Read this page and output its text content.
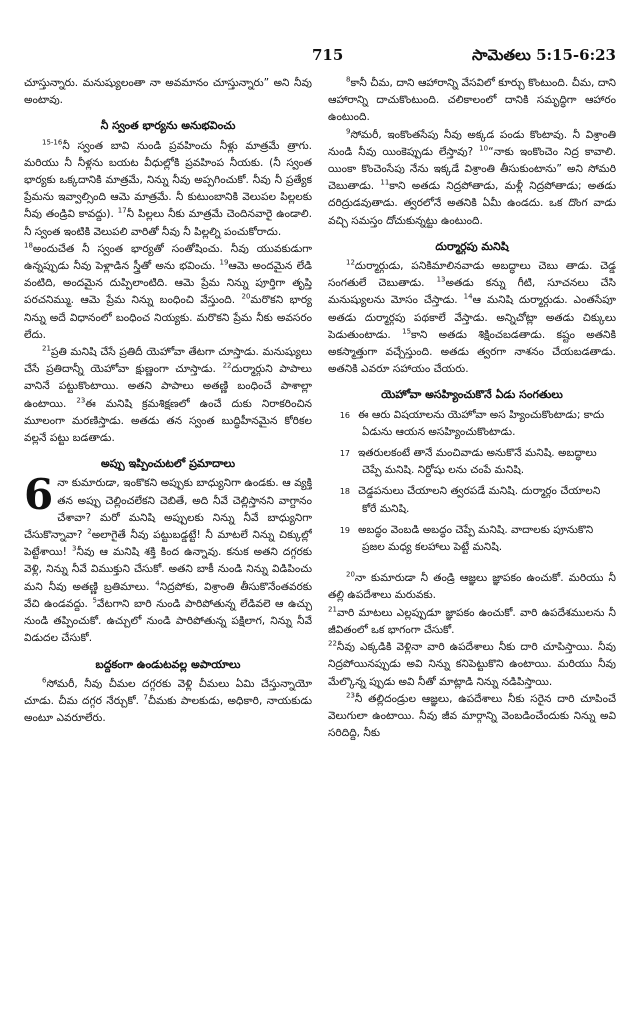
715	సామెతలు 5:15-6:23

చూస్తున్నారు. మనుష్యులంతా నా అవమానం చూస్తున్నారు” అని నీవు అంటావు.

నీ స్వంత భార్యను అనుభవించు

$^{15-16}$నీ స్వంత బావి నుండి ప్రవహించు నీళ్లు మాత్రమే త్రాగు. మరియు నీ నీళ్లను బయట వీధుల్లోకి ప్రవహింప నీయకు. (నీ స్వంత భార్యకు ఒక్కదానికి మాత్రమే, నిన్ను నీవు అప్పగించుకో. నీవు నీ ప్రత్యేక ప్రేమను ఇవ్వాల్సింది ఆమె మాత్రమే. నీ కుటుంబానికి వెలుపల పిల్లలకు నీవు తండ్రివి కావద్దు). $^{17}$నీ పిల్లలు నీకు మాత్రమే చెందినవారై ఉండాలి. నీ స్వంత ఇంటికి వెలుపలి వారితో నీవు నీ పిల్లల్ని పంచుకోరాదు.

$^{18}$అందుచేత నీ స్వంత భార్యతో సంతోషించు. నీవు యువకుడుగా ఉన్నప్పుడు నీవు పెళ్లాడిన స్త్రీతో అను భవించు. $^{19}$ఆమె అందమైన లేడి వంటిది, అందమైన దుప్పిలాంటిది. ఆమె ప్రేమ నిన్ను పూర్తిగా తృప్తి పరచనిమ్ము. ఆమె ప్రేమ నిన్ను బంధించి వేస్తుంది. $^{20}$మరొకని భార్య నిన్ను అదే విధానంలో బంధించ నియ్యకు. మరొకని ప్రేమ నీకు అవసరం లేదు.

$^{21}$ప్రతి మనిషి చేసే ప్రతిదీ యెహోవా తేటగా చూస్తాడు. మనుష్యులు చేసే ప్రతిదాన్నీ యెహోవా క్షుణ్ణంగా చూస్తాడు. $^{22}$దుర్మార్గుని పాపాలు వానినే పట్టుకొంటాయి. అతని పాపాలు అతణ్ణి బంధించే పాశాల్లా ఉంటాయి. $^{23}$ఈ మనిషి క్రమశిక్షణలో ఉంచే దుకు నిరాకరించిన మూలంగా మరణిస్తాడు. అతడు తన స్వంత బుద్ధిహీనమైన కోరికల వల్లనే పట్టు బడతాడు.

అప్పు ఇప్పించుటలో ప్రమాదాలు

6 నా కుమారుడా, ఇంకొకని అప్పుకు బాధ్యునిగా ఉండకు. ఆ వ్యక్తి తన అప్పు చెల్లించలేకని చెబితే, అది నీవే చెల్లిస్తానని వాగ్దానం చేశావా? మరో మనిషి అప్పులకు నిన్ను నీవే బాధ్యునిగా చేసుకొన్నావా? $^2$అలాగైతే నీవు పట్టుబడ్డట్టే! నీ మాటలే నిన్ను చిక్కుల్లో పెట్టేశాయి! $^3$నీవు ఆ మనిషి శక్తి కింద ఉన్నావు. కనుక అతని దగ్గరకు వెళ్లి, నిన్ను నీవే విముక్తుని చేసుకో. అతని బాకీ నుండి నిన్ను విడిపించు మని నీవు అతణ్ణి బ్రతిమాలు. $^4$నిద్రపోకు, విశ్రాంతి తీసుకొనేంతవరకు వేచి ఉండవద్దు. $^5$వేటగాని బారి నుండి పారిపోతున్న లేడివలె ఆ ఉచ్చు నుండి తప్పించుకో. ఉచ్చులో నుండి పారిపోతున్న పక్షిలాగ, నిన్ను నీవే విడుదల చేసుకో.

బద్దకంగా ఉండుటవల్ల అపాయాలు

$^6$సోమరీ, నీవు చీమల దగ్గరకు వెళ్లి చీమలు ఏమి చేస్తున్నాయో చూడు. చీమ దగ్గర నేర్చుకో. $^7$చీమకు పాలకుడు, అధికారి, నాయకుడు అంటూ ఎవరూలేరు.

$^8$కానీ చీమ, దాని ఆహారాన్ని వేసవిలో కూర్చు కొంటుంది. చీమ, దాని ఆహారాన్ని దాచుకొంటుంది. చలికాలంలో దానికి సమృద్ధిగా ఆహారం ఉంటుంది.

$^9$సోమరీ, ఇంకొంతసేపు నీవు అక్కడ పండు కొంటావు. నీ విశ్రాంతి నుండి నీవు యింకెప్పుడు లేస్తావు? $^{10}$“నాకు ఇంకొంచెం నిద్ర కావాలి. యింకా కొంచెంసేపు నేను ఇక్కడే విశ్రాంతి తీసుకుంటాను” అని సోమరి చెబుతాడు. $^{11}$కాని అతడు నిద్రపోతాడు, మళ్లీ నిద్రపోతాడు; అతడు దరిద్రుడవుతాడు. త్వరలోనే అతనికి ఏమీ ఉండదు. ఒక దొంగ వాడు వచ్చి సమస్తం దోచుకున్నట్టు ఉంటుంది.

దుర్మార్గపు మనిషి

$^{12}$దుర్మార్గుడు, పనికిమాలినవాడు అబద్ధాలు చెబు తాడు. చెడ్డ సంగతులే చెబుతాడు. $^{13}$అతడు కన్ను గీటి, సూచనలు చేసి మనుష్యులను మోసం చేస్తాడు. $^{14}$ఆ మనిషి దుర్మార్గుడు. ఎంతసేపూ అతడు దుర్మార్గపు పథకాలే వేస్తాడు. అన్నిచోట్లా అతడు చిక్కులు పెడుతుంటాడు. $^{15}$కాని అతడు శిక్షించబడతాడు. కష్టం అతనికి అకస్మాత్తుగా వచ్చేస్తుంది. అతడు త్వరగా నాశనం చేయబడతాడు. అతనికి ఎవరూ సహాయం చేయరు.

యెహోవా అసహ్యించుకొనే ఏడు సంగతులు
16 ఈ ఆరు విషయాలను యెహోవా అస హ్యించుకొంటాడు; కాదు ఏడును ఆయన అసహ్యించుకొంటాడు.
17 ఇతరులకంటే తానే మంచివాడు అనుకొనే మనిషి. అబద్ధాలు చెప్పే మనిషి. నిర్దోషు లను చంపే మనిషి.
18 చెడ్డపనులు చేయాలని త్వరపడే మనిషి. దుర్మార్గం చేయాలని కోరే మనిషి.
19 అబద్ధం వెంబడి అబద్ధం చెప్పే మనిషి. వాదాలకు పూనుకొని ప్రజల మధ్య కలహాలు పెట్టే మనిషి.

$^{20}$నా కుమారుడా నీ తండ్రి ఆజ్ఞలు జ్ఞాపకం ఉంచుకో. మరియు నీ తల్లి ఉపదేశాలు మరువకు.

$^{21}$వారి మాటలు ఎల్లప్పుడూ జ్ఞాపకం ఉంచుకో. వారి ఉపదేశములను నీ జీవితంలో ఒక భాగంగా చేసుకో.

$^{22}$నీవు ఎక్కడికి వెళ్లినా వారి ఉపదేశాలు నీకు దారి చూపిస్తాయి. నీవు నిద్రపోయినప్పుడు అవి నిన్ను కనిపెట్టుకొని ఉంటాయి. మరియు నీవు మేల్కొన్న ప్పుడు అవి నీతో మాట్లాడి నిన్ను నడిపిస్తాయి.

$^{23}$నీ తల్లిదండ్రుల ఆజ్ఞలు, ఉపదేశాలు నీకు సరైన దారి చూపించే వెలుగులా ఉంటాయి. నీవు జీవ మార్గాన్ని వెంబడించేందుకు నిన్ను అవి సరిదిద్ది, నీకు
